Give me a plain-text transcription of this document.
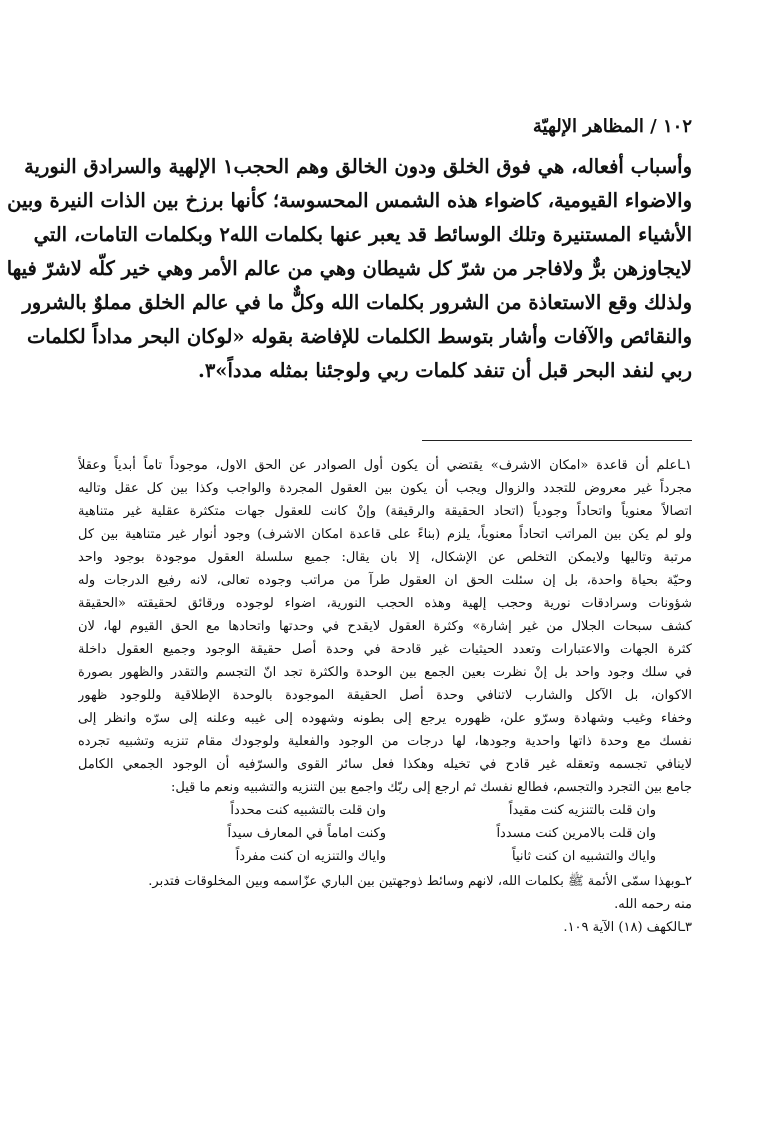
١٠٢ / المظاهر الإلهيّة
وأسباب أفعاله، هي فوق الخلق ودون الخالق وهم الحجب١ الإلهية والسرادق النورية
والاضواء القيومية، كاضواء هذه الشمس المحسوسة؛ كأنها برزخ بين الذات النيرة وبين
الأشياء المستنيرة وتلك الوسائط قد يعبر عنها بكلمات الله٢ وبكلمات التامات، التي
لايجاوزهن برٌّ ولافاجر من شرّ كل شيطان وهي من عالم الأمر وهي خير كلّه لاشرّ فيها
ولذلك وقع الاستعاذة من الشرور بكلمات الله وكلٌّ ما في عالم الخلق مملوٌ بالشرور
والنقائص والآفات وأشار بتوسط الكلمات للإفاضة بقوله «لوكان البحر مداداً لكلمات
ربي لنفد البحر قبل أن تنفد كلمات ربي ولوجئنا بمثله مدداً»٣.
١ـاعلم أن قاعدة «امكان الاشرف» يقتضي أن يكون أول الصوادر عن الحق الاول، موجوداً تاماً أبدياً وعقلاً
مجرداً غير معروض للتجدد والزوال ويجب أن يكون بين العقول المجردة والواجب وكذا بين كل عقل وتاليه
اتصالاً معنوياً واتحاداً وجودياً (اتحاد الحقيقة والرقيقة) وإنْ كانت للعقول جهات متكثرة عقلية غير متناهية
ولو لم يكن بين المراتب اتحاداً معنوياً، يلزم (بناءً على قاعدة امكان الاشرف) وجود أنوار غير متناهية بين كل
مرتبة وتاليها ولايمكن التخلص عن الإشكال، إلا بان يقال: جميع سلسلة العقول موجودة بوجود واحد
وحيّة بحياة واحدة، بل إن سئلت الحق ان العقول طرآ من مراتب وجوده تعالى، لانه رفيع الدرجات وله
شؤونات وسرادقات نورية وحجب إلهية وهذه الحجب النورية، اضواء لوجوده ورقائق لحقيقته «الحقيقة
كشف سبحات الجلال من غير إشارة» وكثرة العقول لايقدح في وحدتها واتحادها مع الحق القيوم لها، لان
كثرة الجهات والاعتبارات وتعدد الحيثيات غير قادحة في وحدة أصل حقيقة الوجود وجميع العقول داخلة
في سلك وجود واحد بل إنْ نظرت بعين الجمع بين الوحدة والكثرة تجد انّ التجسم والتقدر والظهور بصورة
الاكوان، بل الآكل والشارب لاتنافي وحدة أصل الحقيقة الموجودة بالوحدة الإطلاقية وللوجود ظهور
وخفاء وغيب وشهادة وسرّو علن، ظهوره يرجع إلى بطونه وشهوده إلى غيبه وعلنه إلى سرّه وانظر إلى
نفسك مع وحدة ذاتها واحدية وجودها، لها درجات من الوجود والفعلية ولوجودك مقام تنزيه وتشبيه تجرده
لاينافي تجسمه وتعقله غير قادح في تخيله وهكذا فعل سائر القوى والسرّفيه أن الوجود الجمعي الكامل
جامع بين التجرد والتجسم، فطالع نفسك ثم ارجع إلى ربّك واجمع بين التنزيه والتشبيه ونعم ما قيل:
وان قلت بالتنزيه كنت مقيداً
وان قلت بالتشبيه كنت محدداً
وان قلت بالامرين كنت مسدداً
وكنت اماماً في المعارف سيداً
واياك والتشبيه ان كنت ثانياً
واياك والتنزيه ان كنت مفرداً
٢ـوبهذا سمّى الأئمة ﷺ بكلمات الله، لانهم وسائط ذوجهتين بين الباري عزّاسمه وبين المخلوقات فتدبر.
منه رحمه الله.
٣ـالكهف (١٨) الآية ١٠٩.
